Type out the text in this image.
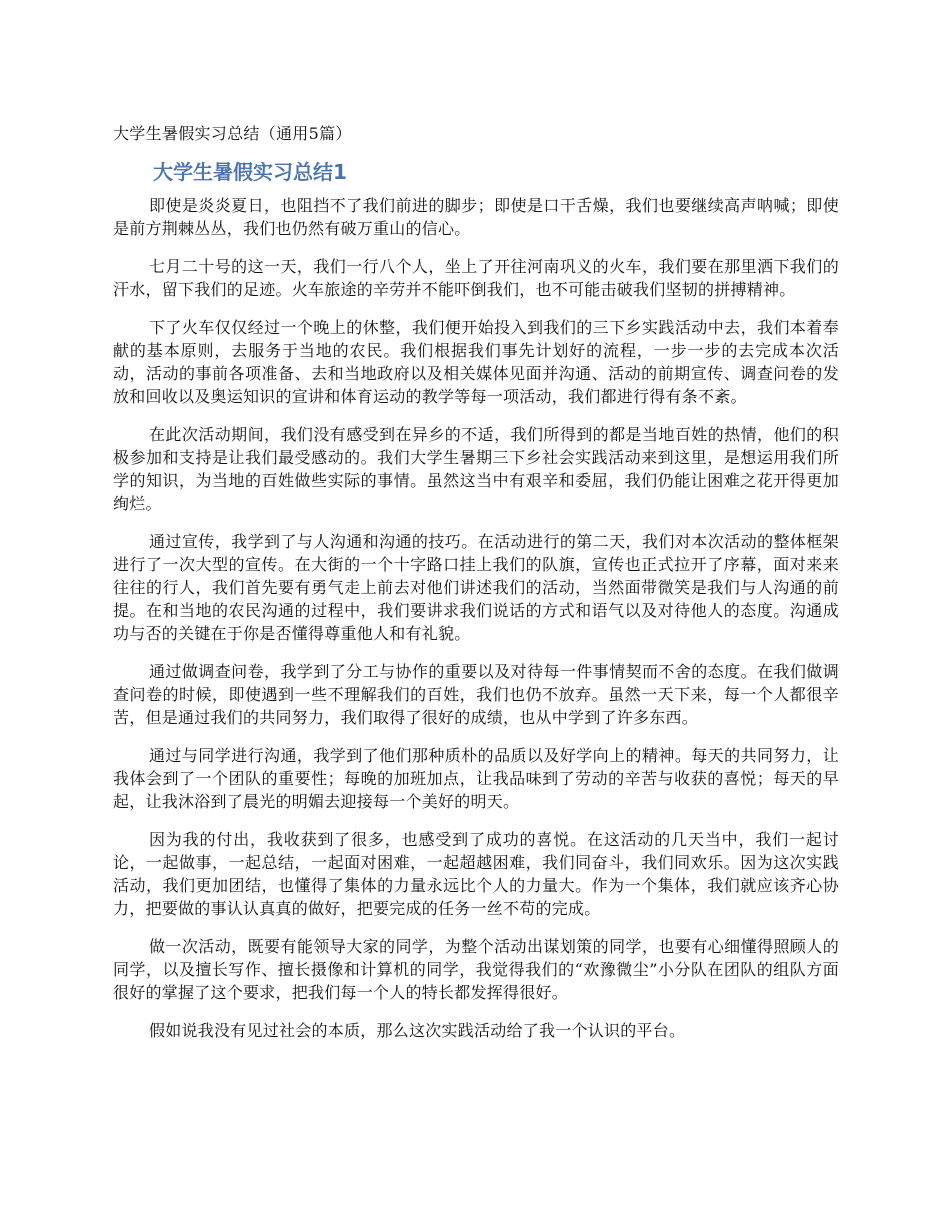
大学生暑假实习总结（通用5篇）
大学生暑假实习总结1

即使是炎炎夏日，也阻挡不了我们前进的脚步；即使是口干舌燥，我们也要继续高声呐喊；即使是前方荆棘丛丛，我们也仍然有破万重山的信心。

七月二十号的这一天，我们一行八个人，坐上了开往河南巩义的火车，我们要在那里洒下我们的汗水，留下我们的足迹。火车旅途的辛劳并不能吓倒我们，也不可能击破我们坚韧的拼搏精神。

下了火车仅仅经过一个晚上的休整，我们便开始投入到我们的三下乡实践活动中去，我们本着奉献的基本原则，去服务于当地的农民。我们根据我们事先计划好的流程，一步一步的去完成本次活动，活动的事前各项准备、去和当地政府以及相关媒体见面并沟通、活动的前期宣传、调查问卷的发放和回收以及奥运知识的宣讲和体育运动的教学等每一项活动，我们都进行得有条不紊。

在此次活动期间，我们没有感受到在异乡的不适，我们所得到的都是当地百姓的热情，他们的积极参加和支持是让我们最受感动的。我们大学生暑期三下乡社会实践活动来到这里，是想运用我们所学的知识，为当地的百姓做些实际的事情。虽然这当中有艰辛和委屈，我们仍能让困难之花开得更加绚烂。

通过宣传，我学到了与人沟通和沟通的技巧。在活动进行的第二天，我们对本次活动的整体框架进行了一次大型的宣传。在大街的一个十字路口挂上我们的队旗，宣传也正式拉开了序幕，面对来来往往的行人，我们首先要有勇气走上前去对他们讲述我们的活动，当然面带微笑是我们与人沟通的前提。在和当地的农民沟通的过程中，我们要讲求我们说话的方式和语气以及对待他人的态度。沟通成功与否的关键在于你是否懂得尊重他人和有礼貌。

通过做调查问卷，我学到了分工与协作的重要以及对待每一件事情契而不舍的态度。在我们做调查问卷的时候，即使遇到一些不理解我们的百姓，我们也仍不放弃。虽然一天下来，每一个人都很辛苦，但是通过我们的共同努力，我们取得了很好的成绩，也从中学到了许多东西。

通过与同学进行沟通，我学到了他们那种质朴的品质以及好学向上的精神。每天的共同努力，让我体会到了一个团队的重要性；每晚的加班加点，让我品味到了劳动的辛苦与收获的喜悦；每天的早起，让我沐浴到了晨光的明媚去迎接每一个美好的明天。

因为我的付出，我收获到了很多，也感受到了成功的喜悦。在这活动的几天当中，我们一起讨论，一起做事，一起总结，一起面对困难，一起超越困难，我们同奋斗，我们同欢乐。因为这次实践活动，我们更加团结，也懂得了集体的力量永远比个人的力量大。作为一个集体，我们就应该齐心协力，把要做的事认认真真的做好，把要完成的任务一丝不苟的完成。

做一次活动，既要有能领导大家的同学，为整个活动出谋划策的同学，也要有心细懂得照顾人的同学，以及擅长写作、擅长摄像和计算机的同学，我觉得我们的“欢豫微尘”小分队在团队的组队方面很好的掌握了这个要求，把我们每一个人的特长都发挥得很好。

假如说我没有见过社会的本质，那么这次实践活动给了我一个认识的平台。
